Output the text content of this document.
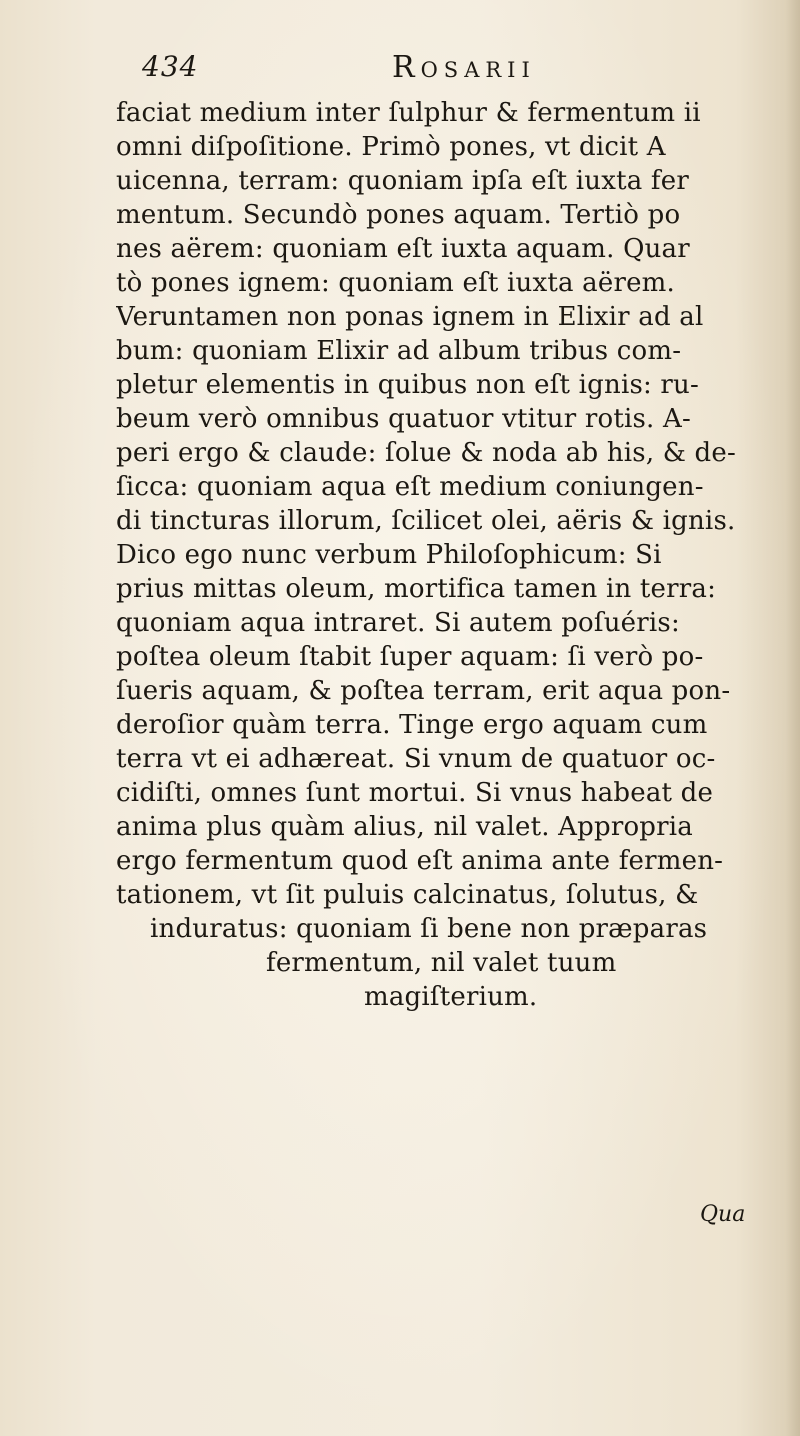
434	Rosarii
faciat medium inter ſulphur & fermentum ii
omni diſpoſitione. Primò pones, vt dicit A
uicenna, terram: quoniam ipſa eſt iuxta fer
mentum. Secundò pones aquam. Tertiò po
nes aërem: quoniam eſt iuxta aquam. Quar
tò pones ignem: quoniam eſt iuxta aërem.
Veruntamen non ponas ignem in Elixir ad al
bum: quoniam Elixir ad album tribus com-
pletur elementis in quibus non eſt ignis: ru-
beum verò omnibus quatuor vtitur rotis. A-
peri ergo & claude: ſolue & noda ab his, & de-
ſicca: quoniam aqua eſt medium coniungen-
di tincturas illorum, ſcilicet olei, aëris & ignis.
Dico ego nunc verbum Philoſophicum: Si
prius mittas oleum, mortifica tamen in terra:
quoniam aqua intraret. Si autem poſuéris:
poſtea oleum ſtabit ſuper aquam: ſi verò po-
ſueris aquam, & poſtea terram, erit aqua pon-
deroſior quàm terra. Tinge ergo aquam cum
terra vt ei adhæreat. Si vnum de quatuor oc-
cidiſti, omnes ſunt mortui. Si vnus habeat de
anima plus quàm alius, nil valet. Appropria
ergo fermentum quod eſt anima ante fermen-
tationem, vt ſit puluis calcinatus, ſolutus, &
induratus: quoniam ſi bene non præparas
fermentum, nil valet tuum
magiſterium.
Qua
